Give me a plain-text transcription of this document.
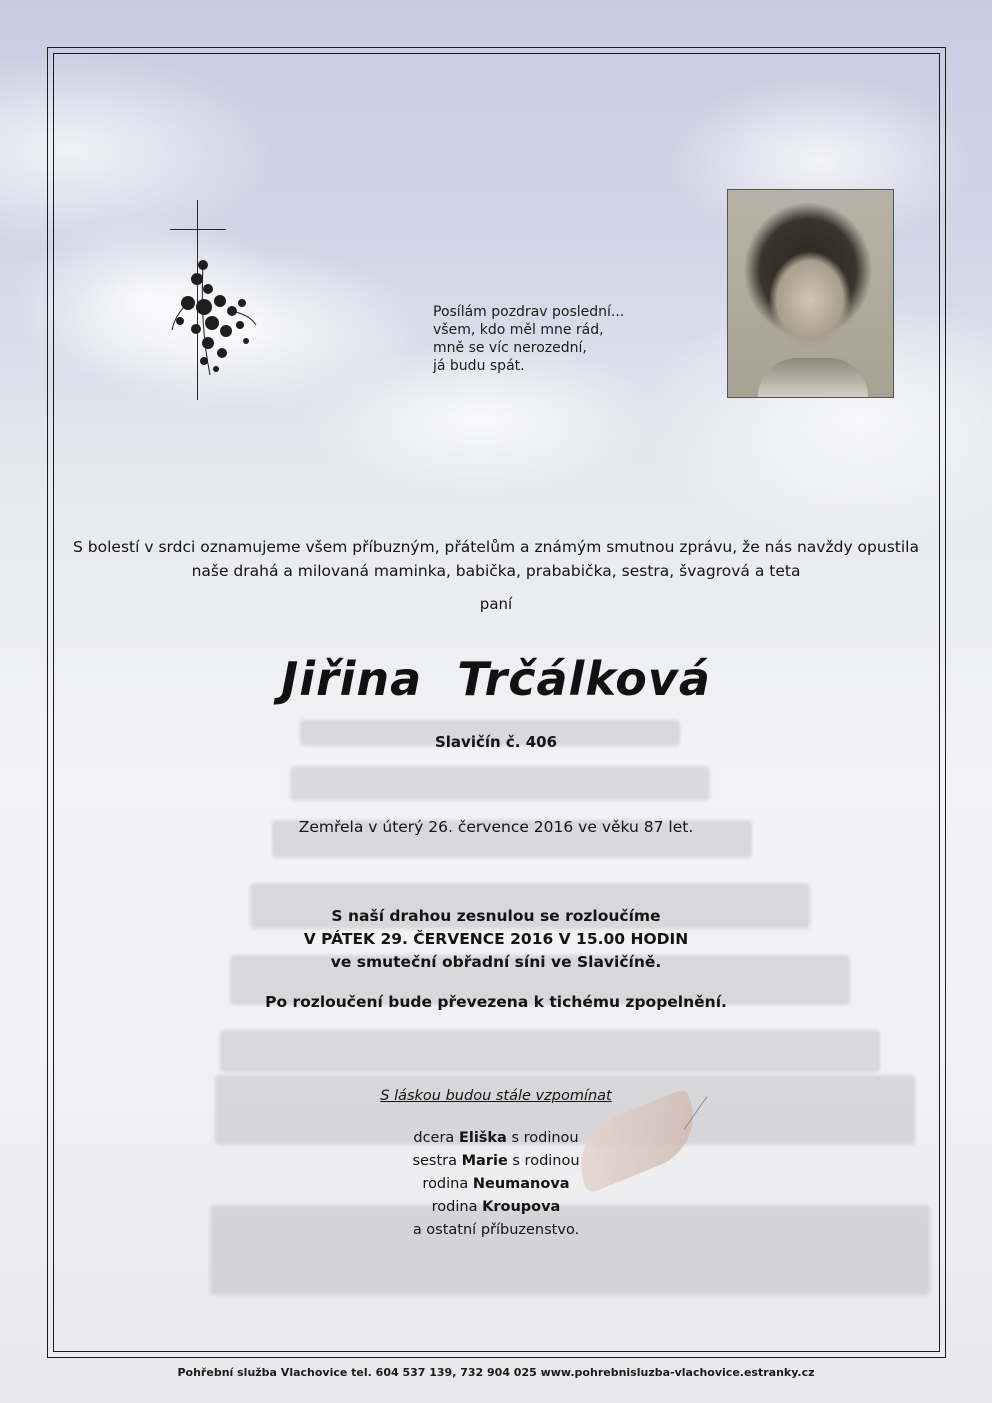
Posílám pozdrav poslední...
všem, kdo měl mne rád,
mně se víc nerozední,
já budu spát.
S bolestí v srdci oznamujeme všem příbuzným, přátelům a známým smutnou zprávu, že nás navždy opustila
naše drahá a milovaná maminka, babička, prababička, sestra, švagrová a teta
paní
Jiřina Trčálková
Slavičín č. 406
Zemřela v úterý 26. července 2016 ve věku 87 let.
S naší drahou zesnulou se rozloučíme
V PÁTEK 29. ČERVENCE 2016 V 15.00 HODIN
ve smuteční obřadní síni ve Slavičíně.
Po rozloučení bude převezena k tichému zpopelnění.
S láskou budou stále vzpomínat
dcera Eliška s rodinou
sestra Marie s rodinou
rodina Neumanova
rodina Kroupova
a ostatní příbuzenstvo.
Pohřební služba Vlachovice tel. 604 537 139, 732 904 025 www.pohrebnisluzba-vlachovice.estranky.cz
